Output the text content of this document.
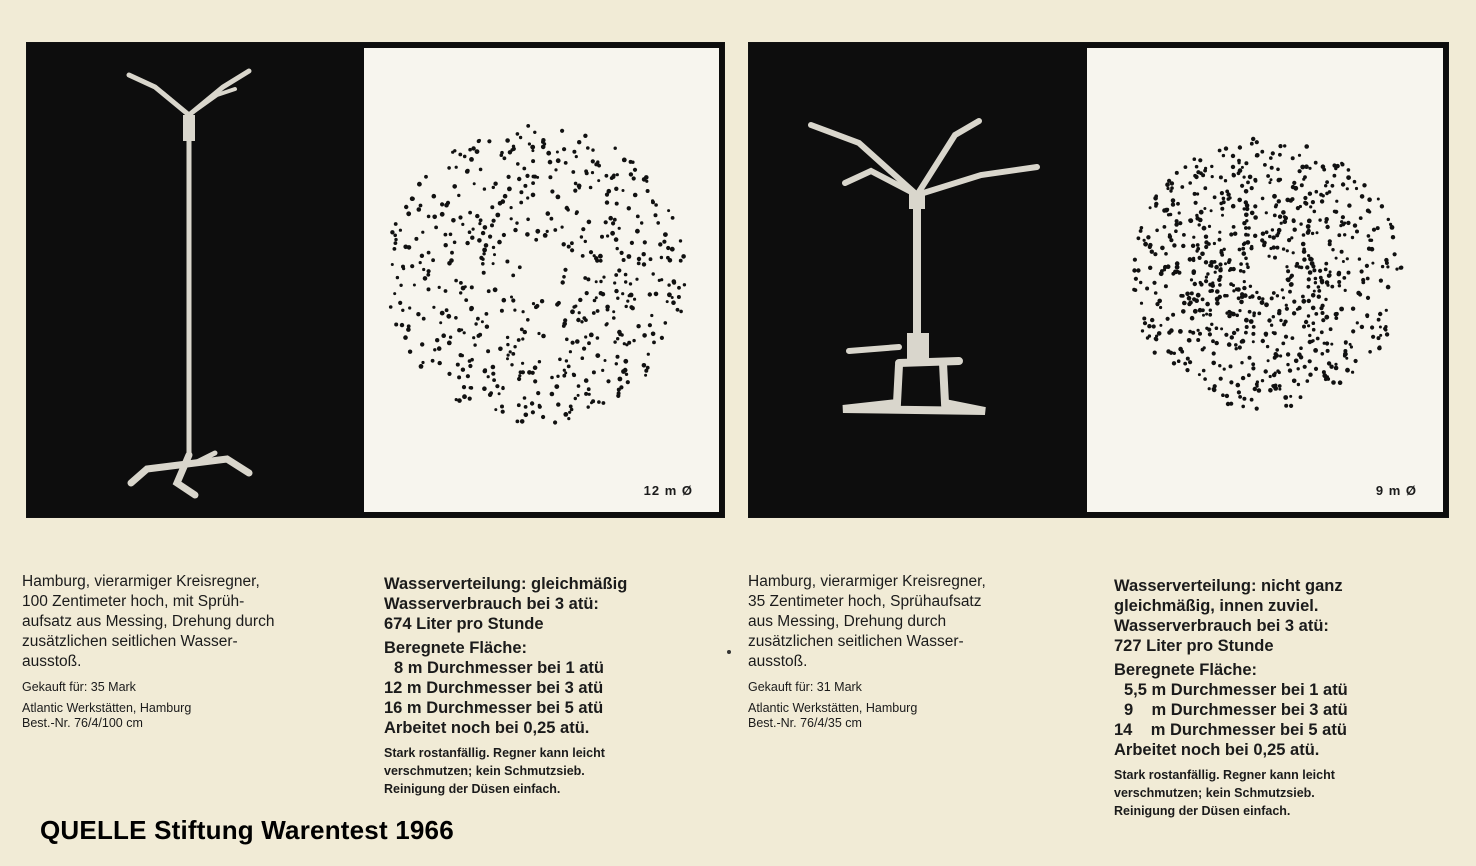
12 m Ø	9 m Ø
Hamburg, vierarmiger Kreisregner,
100 Zentimeter hoch, mit Sprüh-
aufsatz aus Messing, Drehung durch
zusätzlichen seitlichen Wasser-
ausstoß.
Gekauft für: 35 Mark
Atlantic Werkstätten, Hamburg
Best.-Nr. 76/4/100 cm
Wasserverteilung: gleichmäßig
Wasserverbrauch bei 3 atü:
674 Liter pro Stunde
Beregnete Fläche:
8 m Durchmesser bei 1 atü
12 m Durchmesser bei 3 atü
16 m Durchmesser bei 5 atü
Arbeitet noch bei 0,25 atü.
Stark rostanfällig. Regner kann leicht
verschmutzen; kein Schmutzsieb.
Reinigung der Düsen einfach.
Hamburg, vierarmiger Kreisregner,
35 Zentimeter hoch, Sprühaufsatz
aus Messing, Drehung durch
zusätzlichen seitlichen Wasser-
ausstoß.
Gekauft für: 31 Mark
Atlantic Werkstätten, Hamburg
Best.-Nr. 76/4/35 cm
Wasserverteilung: nicht ganz
gleichmäßig, innen zuviel.
Wasserverbrauch bei 3 atü:
727 Liter pro Stunde
Beregnete Fläche:
5,5 m Durchmesser bei 1 atü
9    m Durchmesser bei 3 atü
14    m Durchmesser bei 5 atü
Arbeitet noch bei 0,25 atü.
Stark rostanfällig. Regner kann leicht
verschmutzen; kein Schmutzsieb.
Reinigung der Düsen einfach.
QUELLE Stiftung Warentest 1966
